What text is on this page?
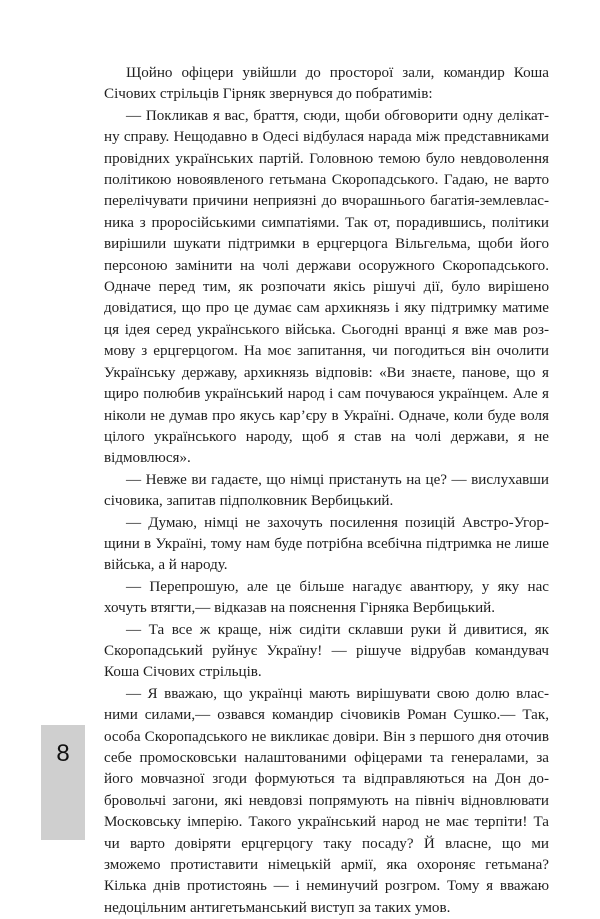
Щойно офіцери увійшли до просторої зали, командир Коша Січових стрільців Гірняк звернувся до побратимів:

— Покликав я вас, браття, сюди, щоби обговорити одну делікатну справу. Нещодавно в Одесі відбулася нарада між представниками провідних українських партій. Головною темою було невдоволення політикою новоявленого гетьмана Скоропадського. Гадаю, не варто перелічувати причини неприязні до вчорашнього багатія-землевласника з проросійськими симпатіями. Так от, порадившись, політики вирішили шукати підтримки в ерцгерцога Вільгельма, щоби його персоною замінити на чолі держави осоружного Скоропадського. Одначе перед тим, як розпочати якісь рішучі дії, було вирішено довідатися, що про це думає сам архикнязь і яку підтримку матиме ця ідея серед українського війська. Сьогодні вранці я вже мав розмову з ерцгерцогом. На моє запитання, чи погодиться він очолити Українську державу, архикнязь відповів: «Ви знаєте, панове, що я щиро полюбив український народ і сам почуваюся українцем. Але я ніколи не думав про якусь кар’єру в Україні. Одначе, коли буде воля цілого українського народу, щоб я став на чолі держави, я не відмовлюся».

— Невже ви гадаєте, що німці пристануть на це? — вислухавши січовика, запитав підполковник Вербицький.

— Думаю, німці не захочуть посилення позицій Австро-Угорщини в Україні, тому нам буде потрібна всебічна підтримка не лише війська, а й народу.

— Перепрошую, але це більше нагадує авантюру, у яку нас хочуть втягти,— відказав на пояснення Гірняка Вербицький.

— Та все ж краще, ніж сидіти склавши руки й дивитися, як Скоропадський руйнує Україну! — рішуче відрубав командувач Коша Січових стрільців.

— Я вважаю, що українці мають вирішувати свою долю власними силами,— озвався командир січовиків Роман Сушко.— Так, особа Скоропадського не викликає довіри. Він з першого дня оточив себе промосковськи налаштованими офіцерами та генералами, за його мовчазної згоди формуються та відправляються на Дон добровольчі загони, які невдовзі попрямують на північ відновлювати Московську імперію. Такого український народ не має терпіти! Та чи варто довіряти ерцгерцогу таку посаду? Й власне, що ми зможемо протиставити німецькій армії, яка охороняє гетьмана? Кілька днів протистоянь — і неминучий розгром. Тому я вважаю недоцільним антигетьманський виступ за таких умов.

8
